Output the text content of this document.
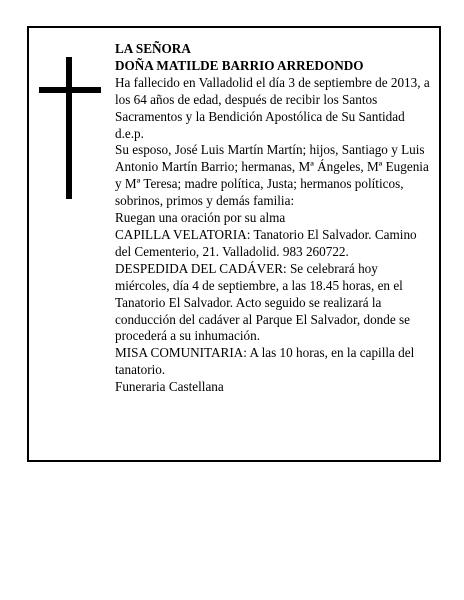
LA SEÑORA

DOÑA MATILDE BARRIO ARREDONDO

Ha fallecido en Valladolid el día 3 de septiembre de 2013, a los 64 años de edad, después de recibir los Santos Sacramentos y la Bendición Apostólica de Su Santidad

d.e.p.

Su esposo, José Luis Martín Martín; hijos, Santiago y Luis Antonio Martín Barrio; hermanas, Mª Ángeles, Mª Eugenia y Mª Teresa; madre política, Justa; hermanos políticos, sobrinos, primos y demás familia:

Ruegan una oración por su alma

CAPILLA VELATORIA: Tanatorio El Salvador. Camino del Cementerio, 21. Valladolid. 983 260722.

DESPEDIDA DEL CADÁVER: Se celebrará hoy miércoles, día 4 de septiembre, a las 18.45 horas, en el Tanatorio El Salvador. Acto seguido se realizará la conducción del cadáver al Parque El Salvador, donde se procederá a su inhumación.

MISA COMUNITARIA: A las 10 horas, en la capilla del tanatorio.

Funeraria Castellana
